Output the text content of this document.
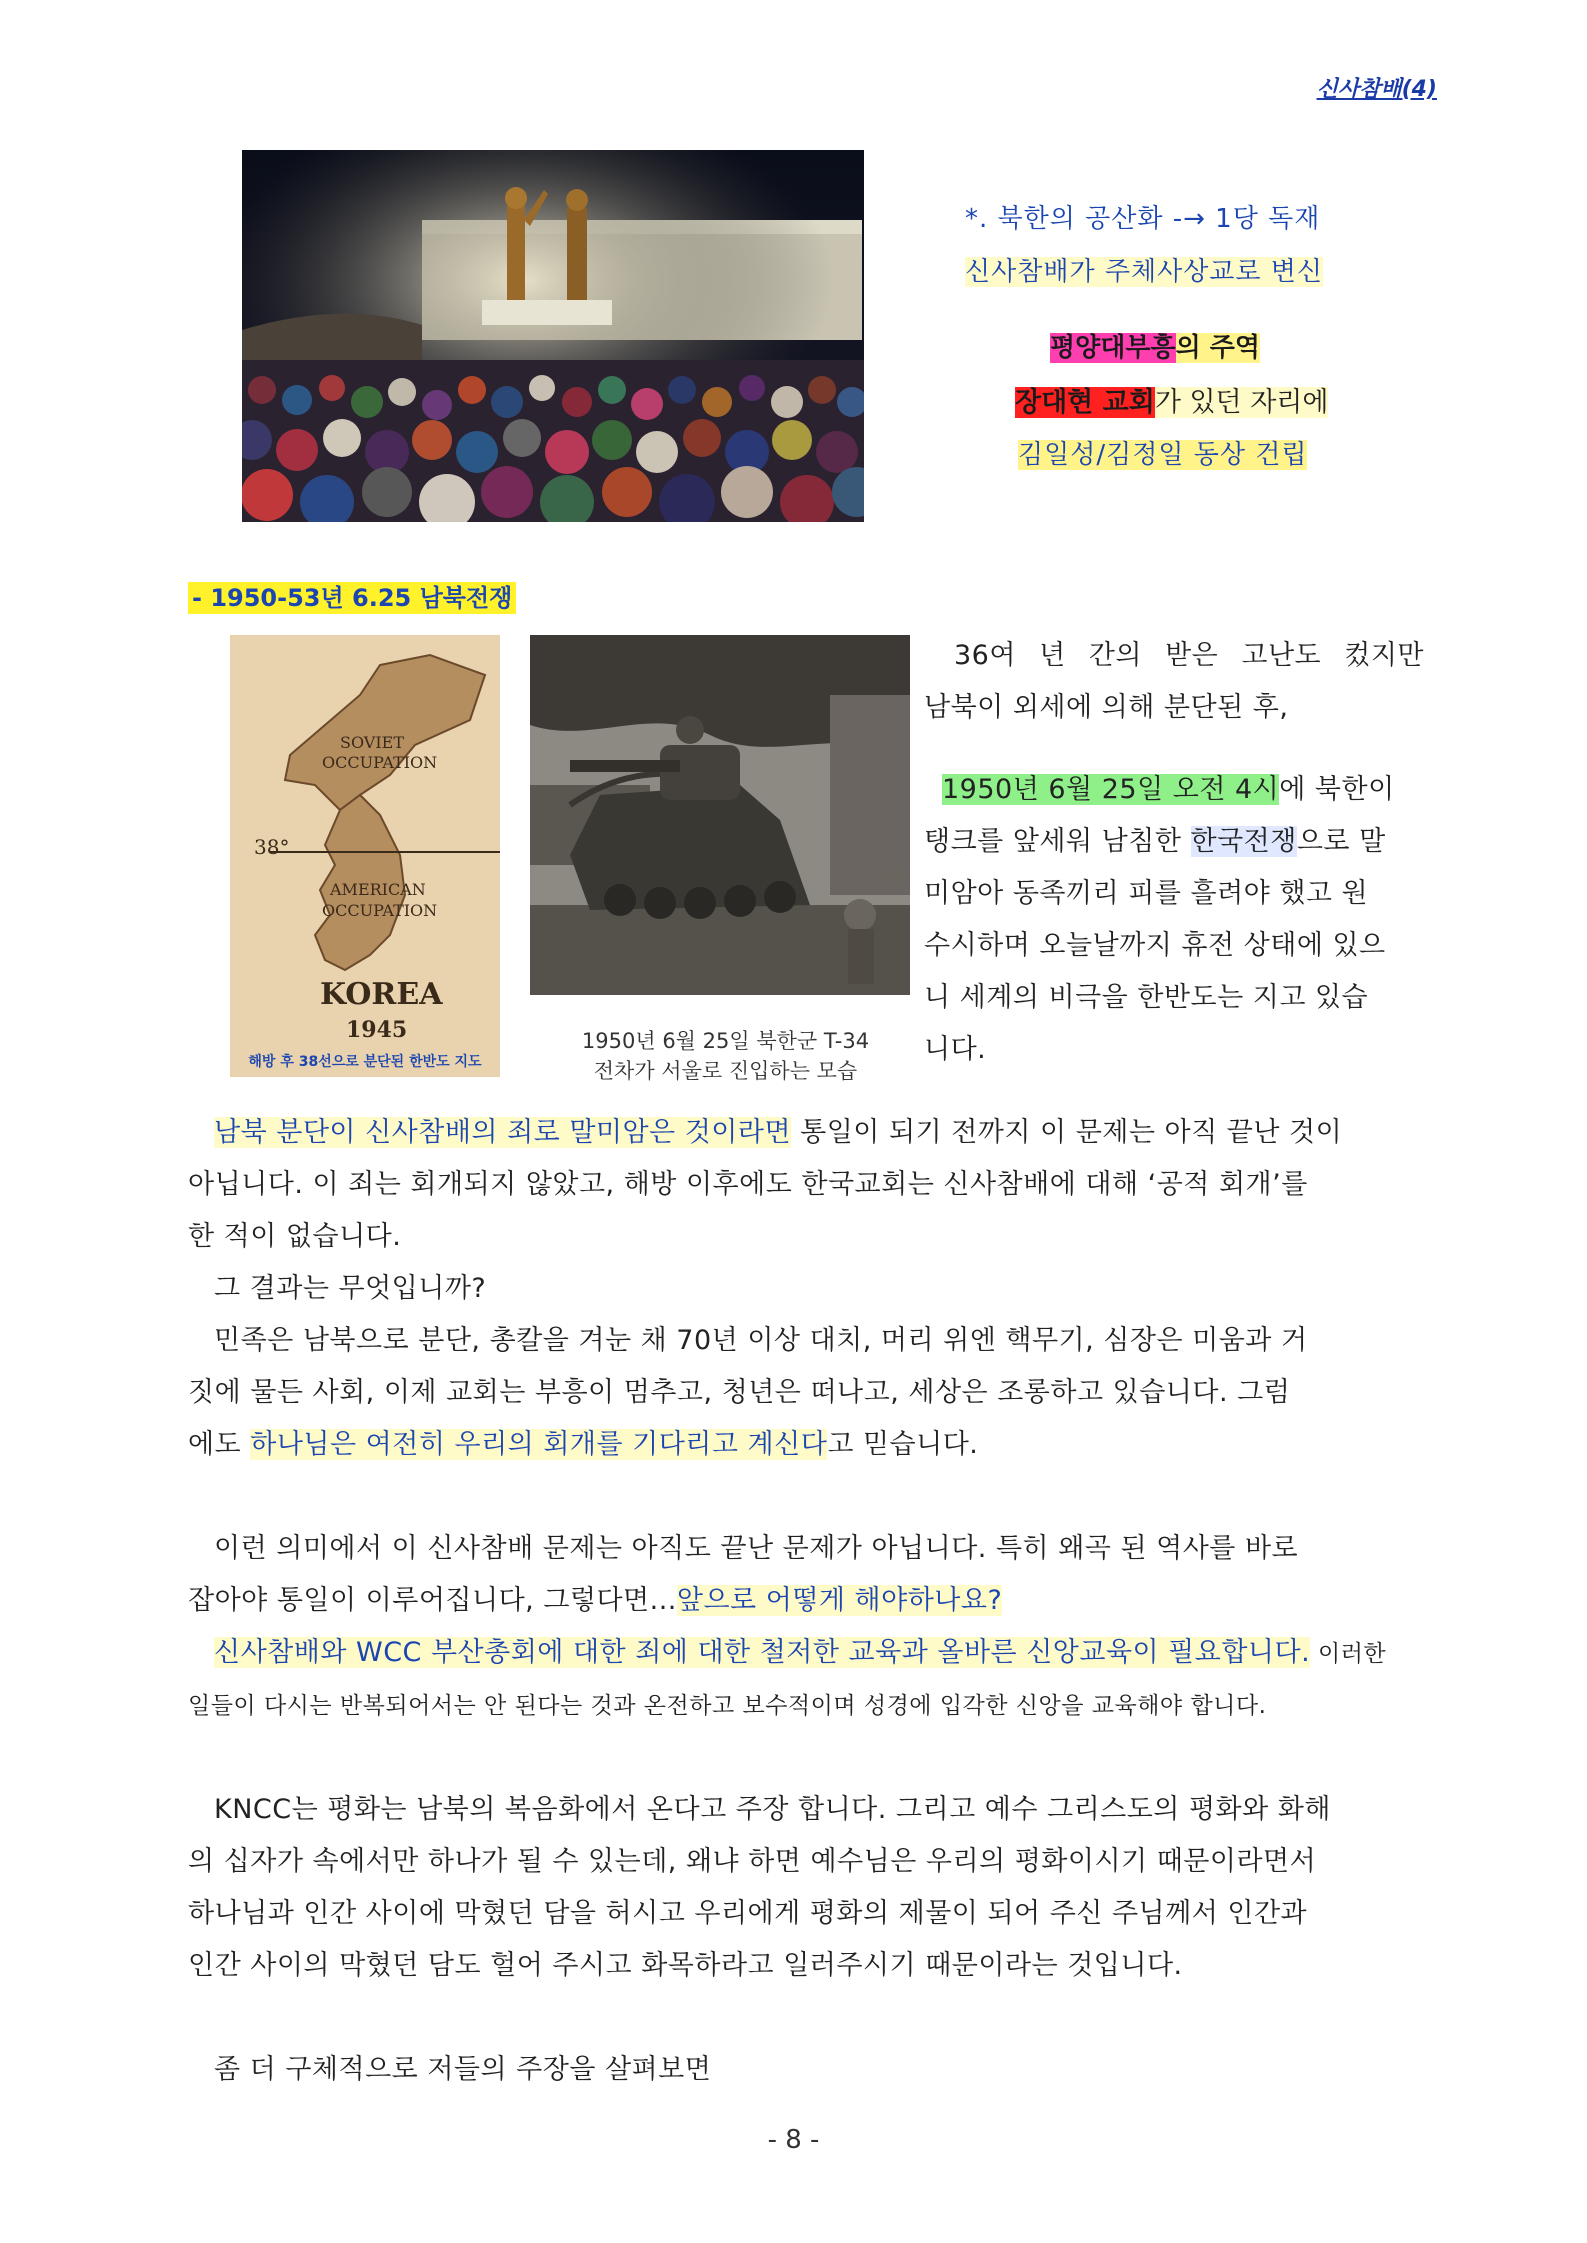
신사참배(4)
*. 북한의 공산화 -→ 1당 독재
신사참배가 주체사상교로 변신
평양대부흥의 주역
장대현 교회가 있던 자리에
김일성/김정일 동상 건립
- 1950-53년 6.25 남북전쟁
SOVIET
OCCUPATION
38°
AMERICAN
OCCUPATION
KOREA
1945
해방 후 38선으로 분단된 한반도 지도
1950년 6월 25일 북한군 T-34
전차가 서울로 진입하는 모습
36여 년 간의 받은 고난도 컸지만
남북이 외세에 의해 분단된 후,
1950년 6월 25일 오전 4시에 북한이
탱크를 앞세워 남침한 한국전쟁으로 말
미암아 동족끼리 피를 흘려야 했고 원
수시하며 오늘날까지 휴전 상태에 있으
니 세계의 비극을 한반도는 지고 있습
니다.
남북 분단이 신사참배의 죄로 말미암은 것이라면 통일이 되기 전까지 이 문제는 아직 끝난 것이
아닙니다. 이 죄는 회개되지 않았고, 해방 이후에도 한국교회는 신사참배에 대해 ‘공적 회개’를
한 적이 없습니다.
그 결과는 무엇입니까?
민족은 남북으로 분단, 총칼을 겨눈 채 70년 이상 대치, 머리 위엔 핵무기, 심장은 미움과 거
짓에 물든 사회, 이제 교회는 부흥이 멈추고, 청년은 떠나고, 세상은 조롱하고 있습니다. 그럼
에도 하나님은 여전히 우리의 회개를 기다리고 계신다고 믿습니다.
이런 의미에서 이 신사참배 문제는 아직도 끝난 문제가 아닙니다. 특히 왜곡 된 역사를 바로
잡아야 통일이 이루어집니다, 그렇다면...앞으로 어떻게 해야하나요?
신사참배와 WCC 부산총회에 대한 죄에 대한 철저한 교육과 올바른 신앙교육이 필요합니다. 이러한
일들이 다시는 반복되어서는 안 된다는 것과 온전하고 보수적이며 성경에 입각한 신앙을 교육해야 합니다.
KNCC는 평화는 남북의 복음화에서 온다고 주장 합니다. 그리고 예수 그리스도의 평화와 화해
의 십자가 속에서만 하나가 될 수 있는데, 왜냐 하면 예수님은 우리의 평화이시기 때문이라면서
하나님과 인간 사이에 막혔던 담을 허시고 우리에게 평화의 제물이 되어 주신 주님께서 인간과
인간 사이의 막혔던 담도 헐어 주시고 화목하라고 일러주시기 때문이라는 것입니다.
좀 더 구체적으로 저들의 주장을 살펴보면
- 8 -
